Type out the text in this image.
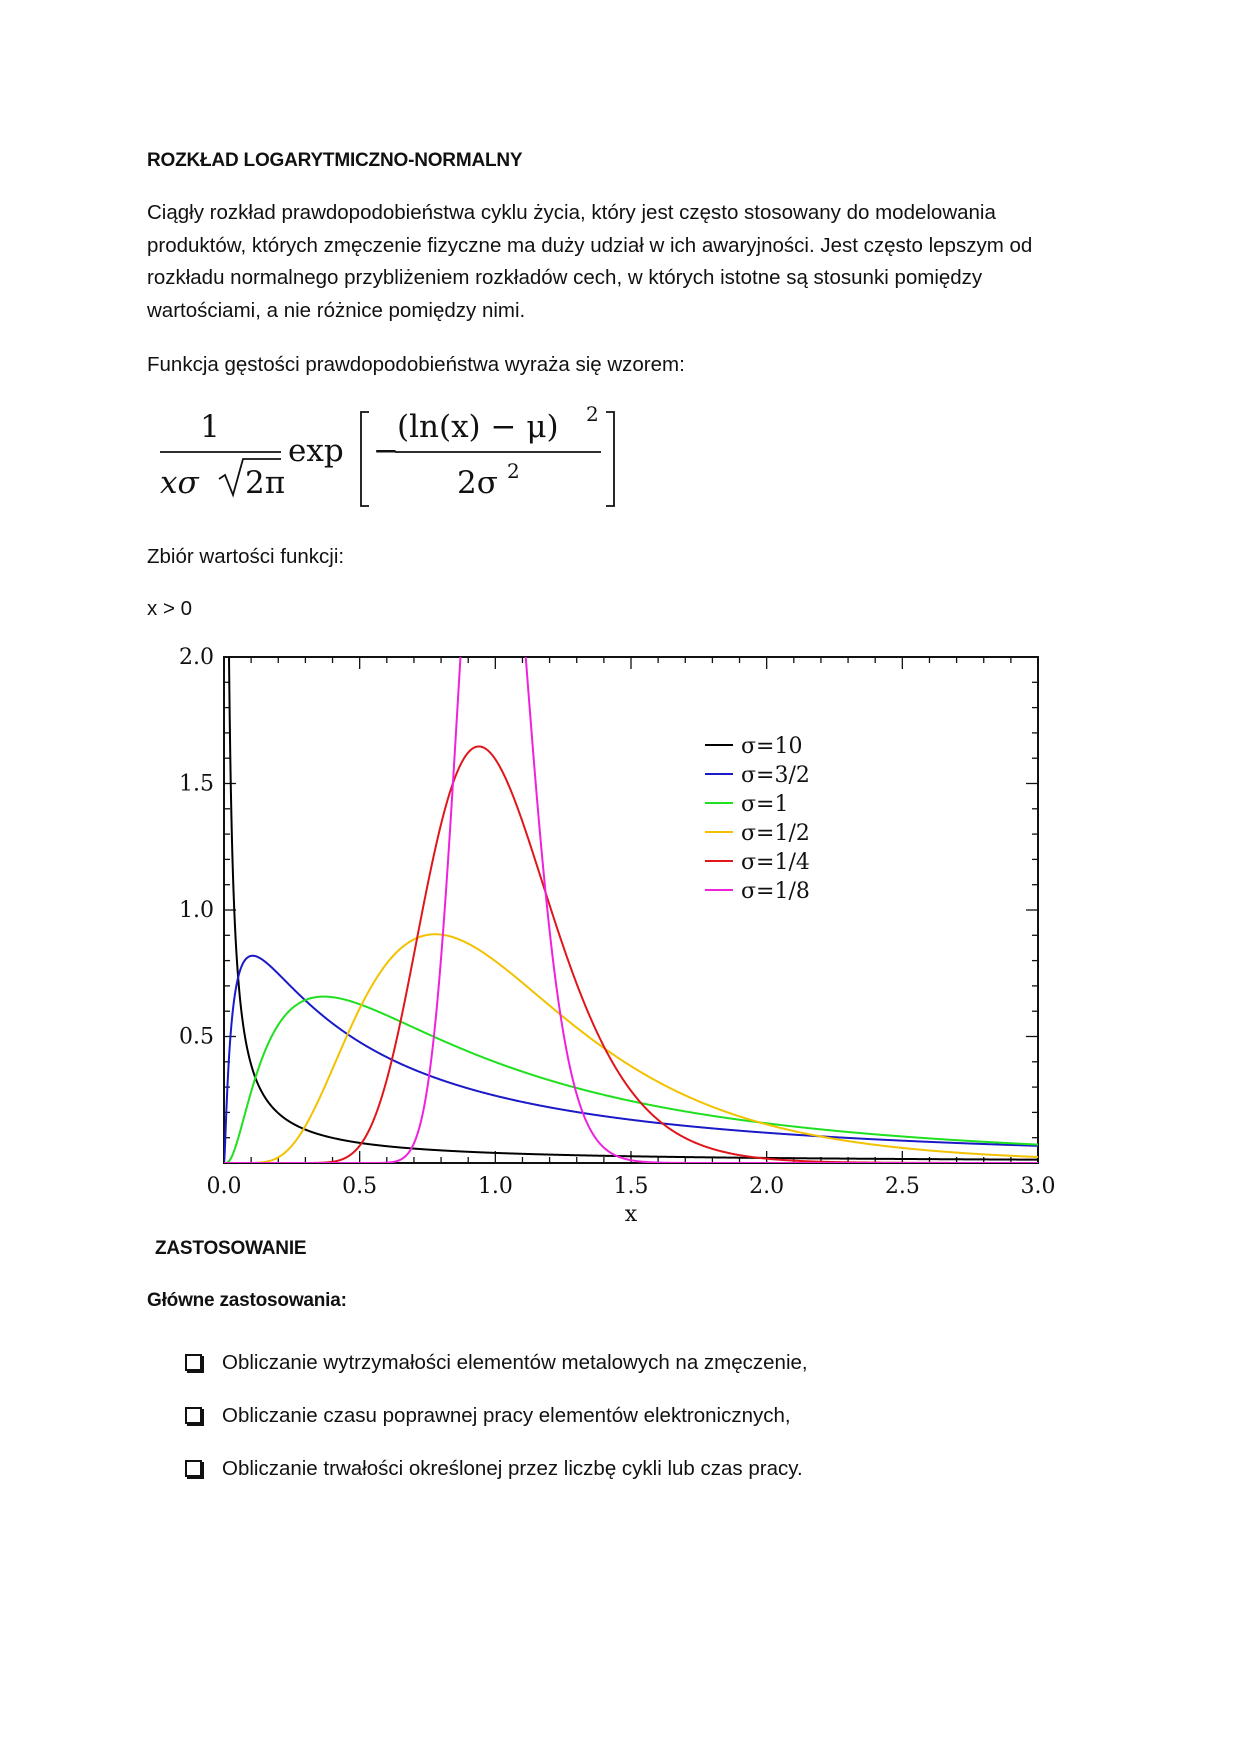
ROZKŁAD LOGARYTMICZNO-NORMALNY
Ciągły rozkład prawdopodobieństwa cyklu życia, który jest często stosowany do modelowania produktów, których zmęczenie fizyczne ma duży udział w ich awaryjności. Jest często lepszym od rozkładu normalnego przybliżeniem rozkładów cech, w których istotne są stosunki pomiędzy wartościami, a nie różnice pomiędzy nimi.
Funkcja gęstości prawdopodobieństwa wyraża się wzorem:
1
xσ 2π
exp −
(ln(x) − μ) 2
2σ 2
Zbiór wartości funkcji:
x > 0
0.0	0.5	1.0	1.5	2.0	2.5	3.0
0.5
1.0
1.5
2.0
x
σ=10
σ=3/2
σ=1
σ=1/2
σ=1/4
σ=1/8
ZASTOSOWANIE
Główne zastosowania:
Obliczanie wytrzymałości elementów metalowych na zmęczenie,
Obliczanie czasu poprawnej pracy elementów elektronicznych,
Obliczanie trwałości określonej przez liczbę cykli lub czas pracy.
